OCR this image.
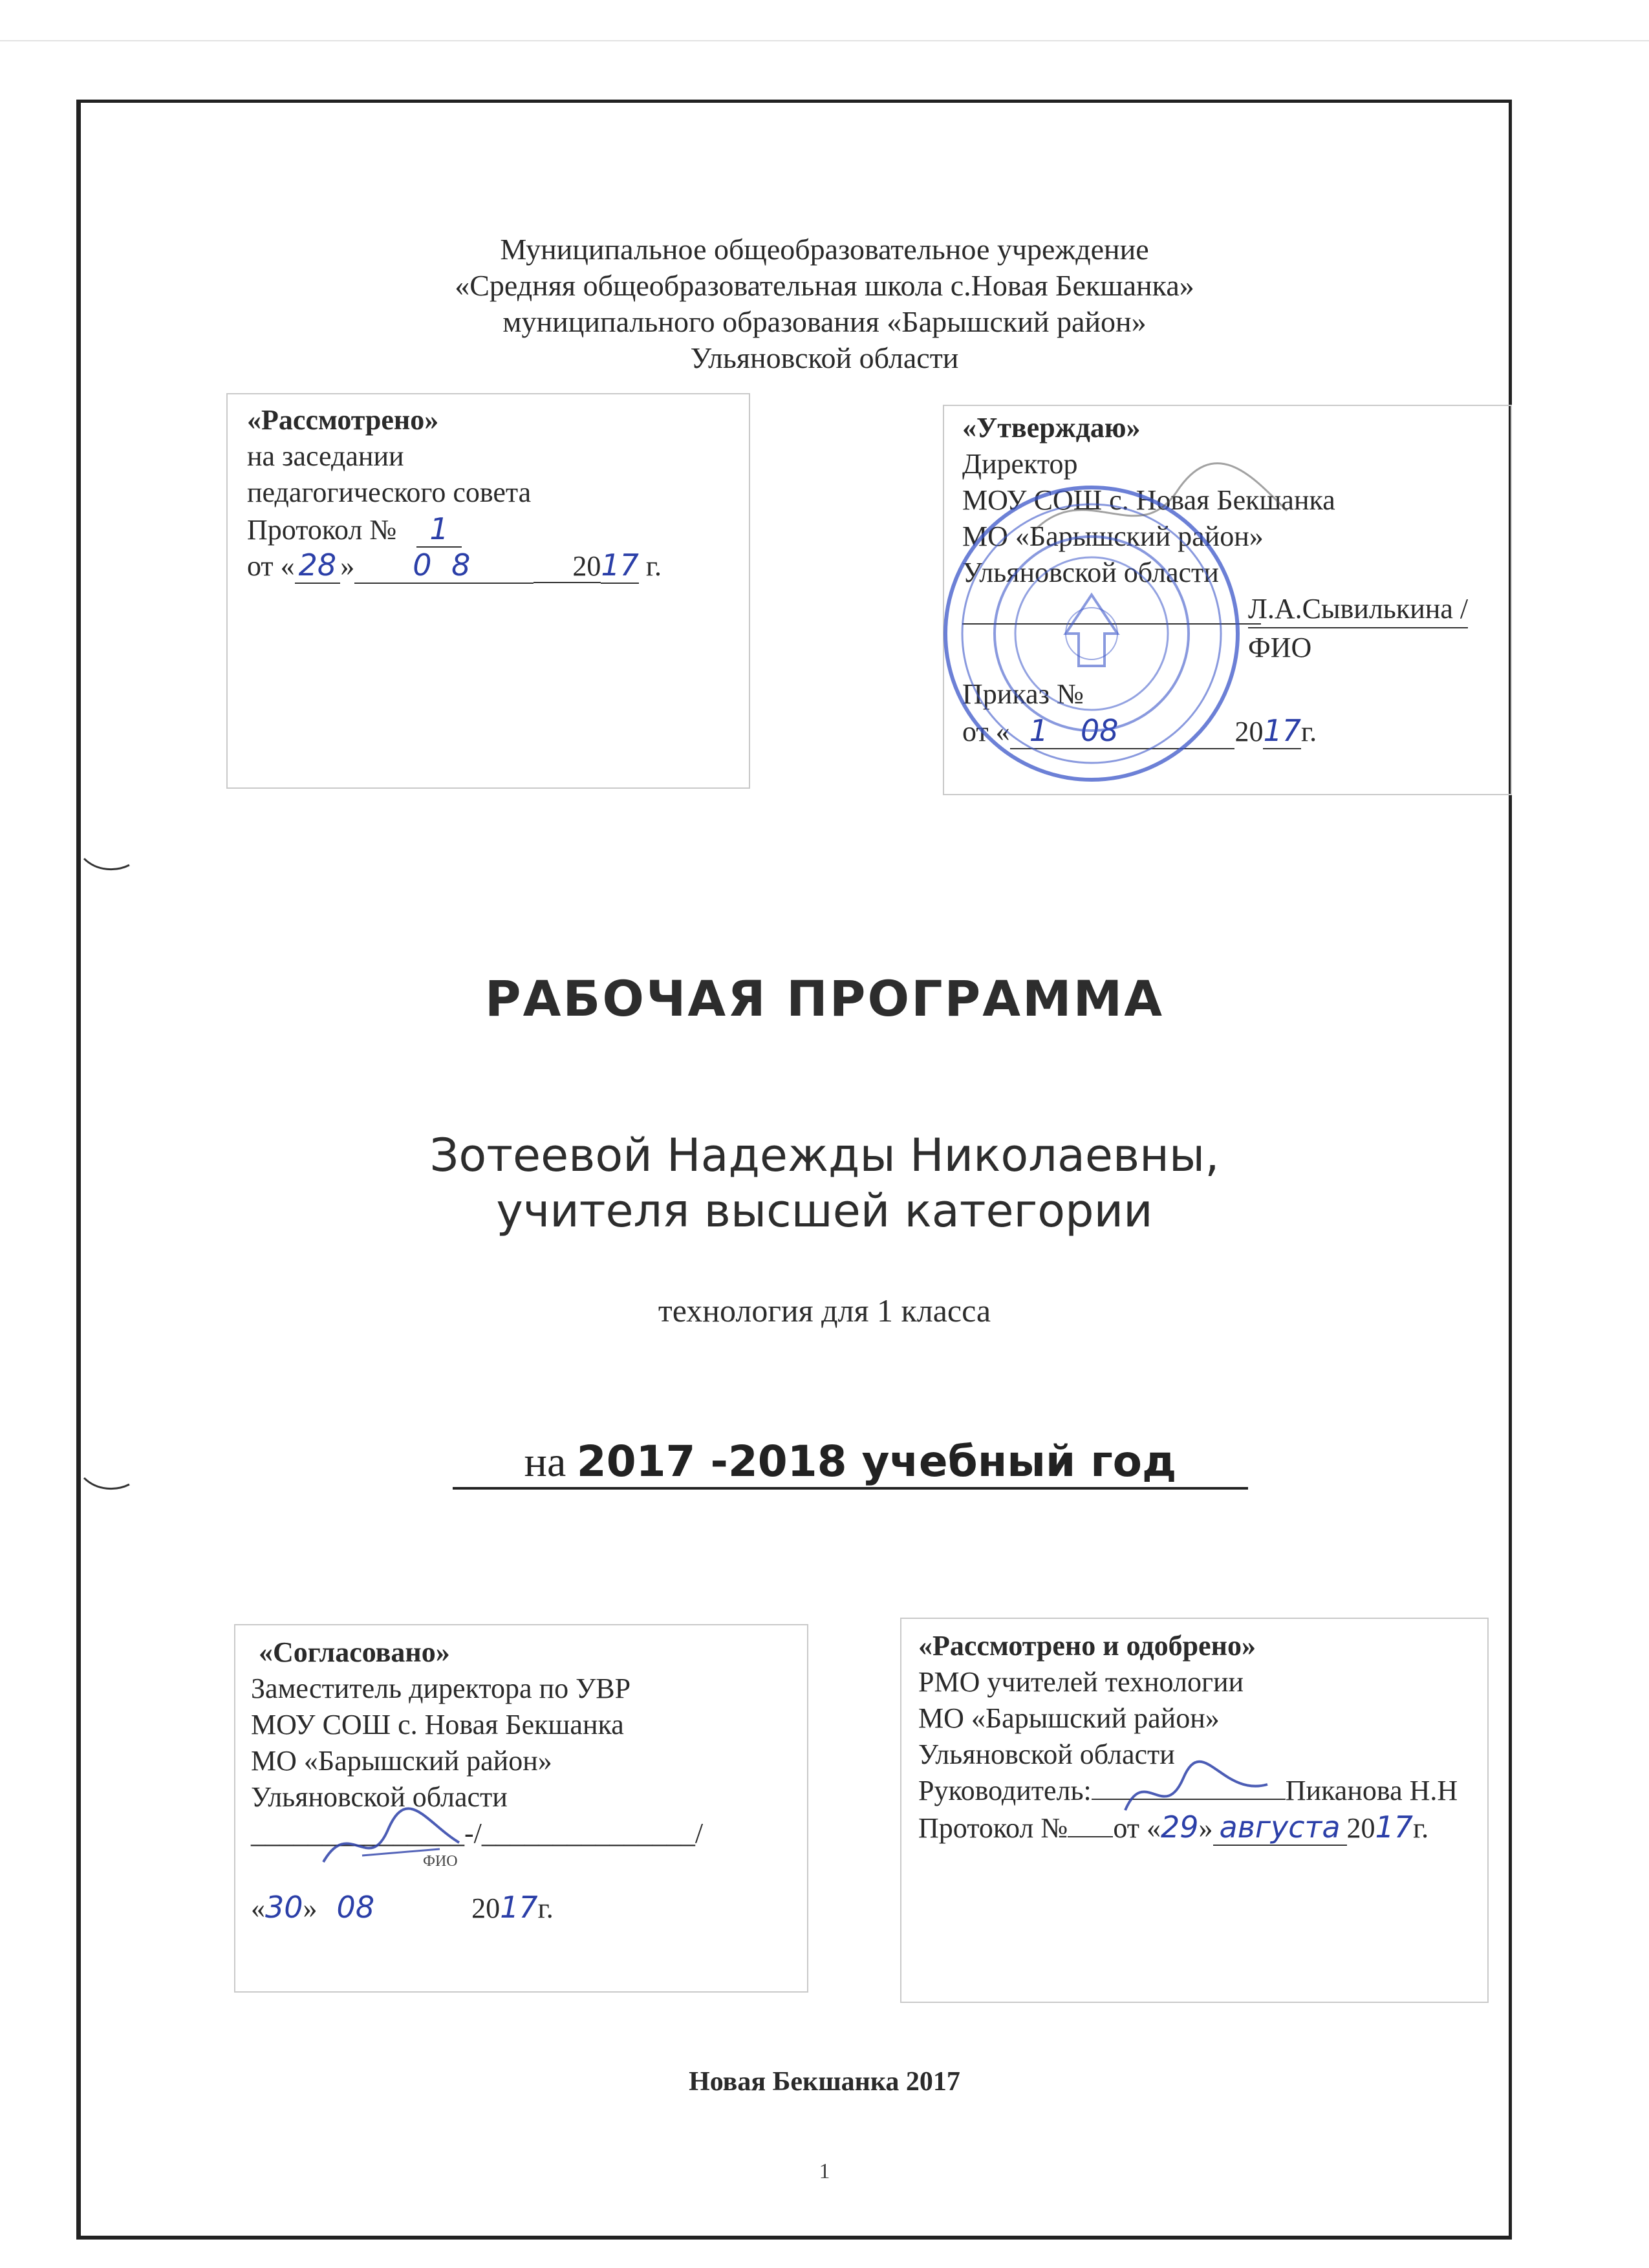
Муниципальное общеобразовательное учреждение
«Средняя общеобразовательная школа с.Новая Бекшанка»
муниципального образования «Барышский район»
Ульяновской области
«Рассмотрено»
на заседании
педагогического совета
Протокол № 1
от « 28 » 0 8	2017 г.
«Утверждаю»
Директор
МОУ СОШ с. Новая Бекшанка
МО «Барышский район»
Ульяновской области
Л.А.Сывилькина /
ФИО
Приказ №
от « 1 08	2017г.
РАБОЧАЯ ПРОГРАММА
Зотеевой Надежды Николаевны,
учителя высшей категории
технология для 1 класса
на 2017 -2018 учебный год
«Согласовано»
Заместитель директора по УВР
МОУ СОШ с. Новая Бекшанка
МО «Барышский район»
Ульяновской области
_______________-/_______________/
ФИО
«30» 08	2017г.
«Рассмотрено и одобрено»
РМО учителей технологии
МО «Барышский район»
Ульяновской области
Руководитель:	Пиканова Н.Н
Протокол № от «29» августа 2017г.
Новая Бекшанка 2017
1
